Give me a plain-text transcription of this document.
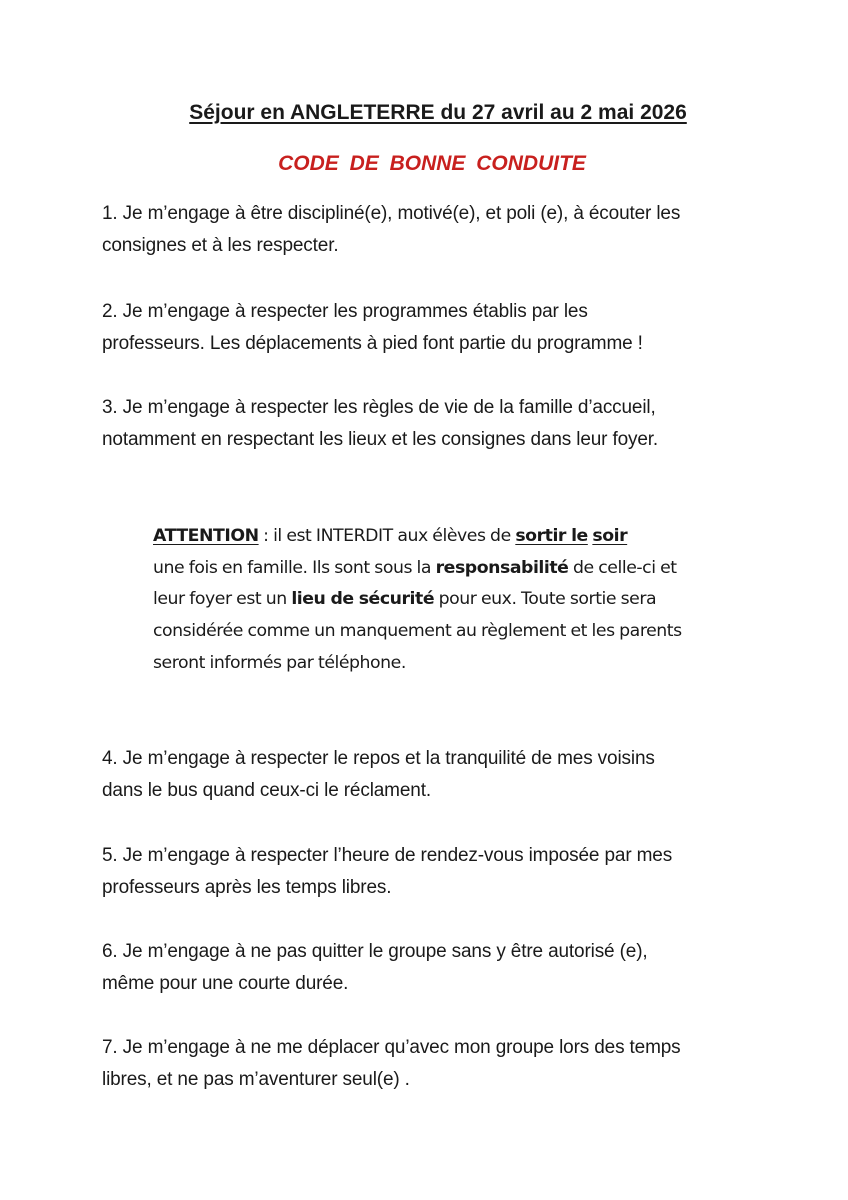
Séjour en ANGLETERRE du 27 avril au 2 mai 2026
CODE DE BONNE CONDUITE

1. Je m’engage à être discipliné(e), motivé(e), et poli (e), à écouter les
consignes et à les respecter.

2. Je m’engage à respecter les programmes établis par les
professeurs. Les déplacements à pied font partie du programme !

3. Je m’engage à respecter les règles de vie de la famille d’accueil,
notamment en respectant les lieux et les consignes dans leur foyer.

ATTENTION : il est INTERDIT aux élèves de sortir le soir
une fois en famille. Ils sont sous la responsabilité de celle-ci et
leur foyer est un lieu de sécurité pour eux. Toute sortie sera
considérée comme un manquement au règlement et les parents
seront informés par téléphone.

4. Je m’engage à respecter le repos et la tranquilité de mes voisins
dans le bus quand ceux-ci le réclament.

5. Je m’engage à respecter l’heure de rendez-vous imposée par mes
professeurs après les temps libres.

6. Je m’engage à ne pas quitter le groupe sans y être autorisé (e),
même pour une courte durée.

7. Je m’engage à ne me déplacer qu’avec mon groupe lors des temps
libres, et ne pas m’aventurer seul(e) .
